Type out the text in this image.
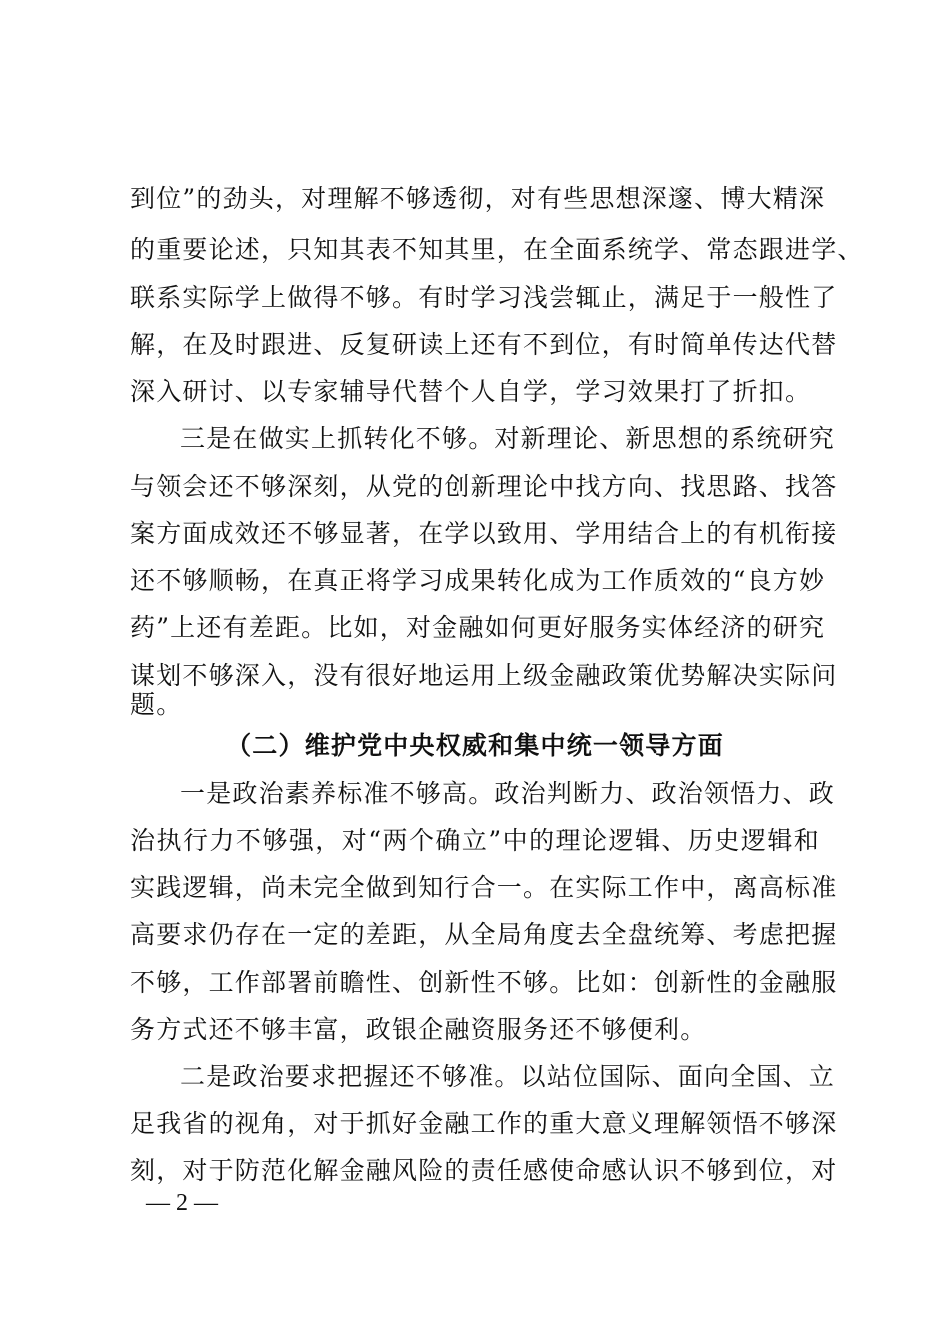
到位”的劲头，对理解不够透彻，对有些思想深邃、博大精深
的重要论述，只知其表不知其里，在全面系统学、常态跟进学、
联系实际学上做得不够。有时学习浅尝辄止，满足于一般性了
解，在及时跟进、反复研读上还有不到位，有时简单传达代替
深入研讨、以专家辅导代替个人自学，学习效果打了折扣。
三是在做实上抓转化不够。对新理论、新思想的系统研究
与领会还不够深刻，从党的创新理论中找方向、找思路、找答
案方面成效还不够显著，在学以致用、学用结合上的有机衔接
还不够顺畅，在真正将学习成果转化成为工作质效的“良方妙
药”上还有差距。比如，对金融如何更好服务实体经济的研究
谋划不够深入，没有很好地运用上级金融政策优势解决实际问
题。
（二）维护党中央权威和集中统一领导方面
一是政治素养标准不够高。政治判断力、政治领悟力、政
治执行力不够强，对“两个确立”中的理论逻辑、历史逻辑和
实践逻辑，尚未完全做到知行合一。在实际工作中，离高标准
高要求仍存在一定的差距，从全局角度去全盘统筹、考虑把握
不够，工作部署前瞻性、创新性不够。比如：创新性的金融服
务方式还不够丰富，政银企融资服务还不够便利。
二是政治要求把握还不够准。以站位国际、面向全国、立
足我省的视角，对于抓好金融工作的重大意义理解领悟不够深
刻，对于防范化解金融风险的责任感使命感认识不够到位，对
— 2 —
